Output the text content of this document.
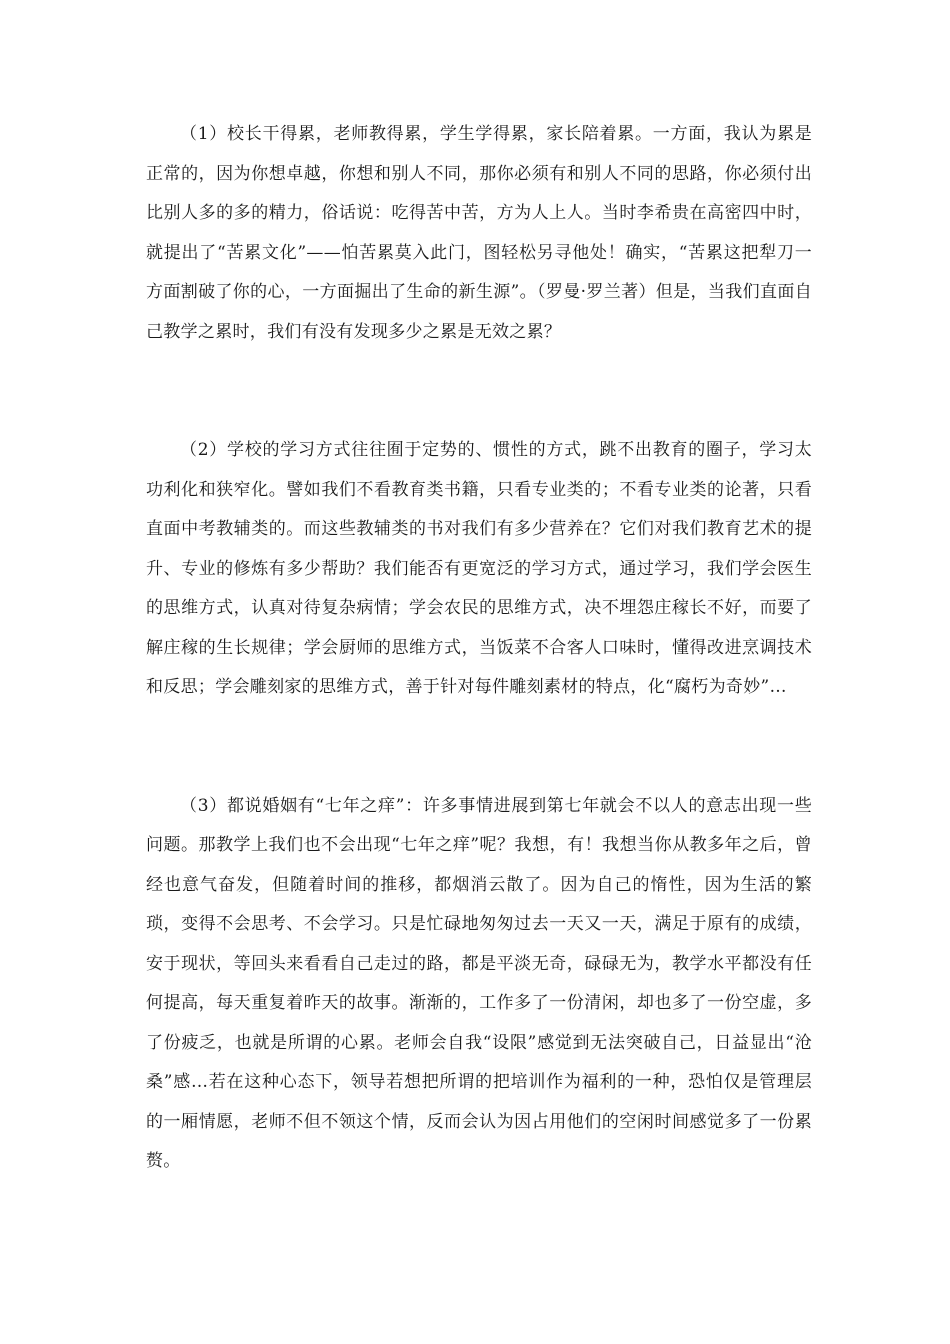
（1）校长干得累，老师教得累，学生学得累，家长陪着累。一方面，我认为累是正常的，因为你想卓越，你想和别人不同，那你必须有和别人不同的思路，你必须付出比别人多的多的精力，俗话说：吃得苦中苦，方为人上人。当时李希贵在高密四中时，就提出了“苦累文化”——怕苦累莫入此门，图轻松另寻他处！确实，“苦累这把犁刀一方面割破了你的心，一方面掘出了生命的新生源”。（罗曼·罗兰著）但是，当我们直面自己教学之累时，我们有没有发现多少之累是无效之累？

（2）学校的学习方式往往囿于定势的、惯性的方式，跳不出教育的圈子，学习太功利化和狭窄化。譬如我们不看教育类书籍，只看专业类的；不看专业类的论著，只看直面中考教辅类的。而这些教辅类的书对我们有多少营养在？它们对我们教育艺术的提升、专业的修炼有多少帮助？我们能否有更宽泛的学习方式，通过学习，我们学会医生的思维方式，认真对待复杂病情；学会农民的思维方式，决不埋怨庄稼长不好，而要了解庄稼的生长规律；学会厨师的思维方式，当饭菜不合客人口味时，懂得改进烹调技术和反思；学会雕刻家的思维方式，善于针对每件雕刻素材的特点，化“腐朽为奇妙”…

（3）都说婚姻有“七年之痒”：许多事情进展到第七年就会不以人的意志出现一些问题。那教学上我们也不会出现“七年之痒”呢？我想，有！我想当你从教多年之后，曾经也意气奋发，但随着时间的推移，都烟消云散了。因为自己的惰性，因为生活的繁琐，变得不会思考、不会学习。只是忙碌地匆匆过去一天又一天，满足于原有的成绩，安于现状，等回头来看看自己走过的路，都是平淡无奇，碌碌无为，教学水平都没有任何提高，每天重复着昨天的故事。渐渐的，工作多了一份清闲，却也多了一份空虚，多了份疲乏，也就是所谓的心累。老师会自我“设限”感觉到无法突破自己，日益显出“沧桑”感…若在这种心态下，领导若想把所谓的把培训作为福利的一种，恐怕仅是管理层的一厢情愿，老师不但不领这个情，反而会认为因占用他们的空闲时间感觉多了一份累赘。
